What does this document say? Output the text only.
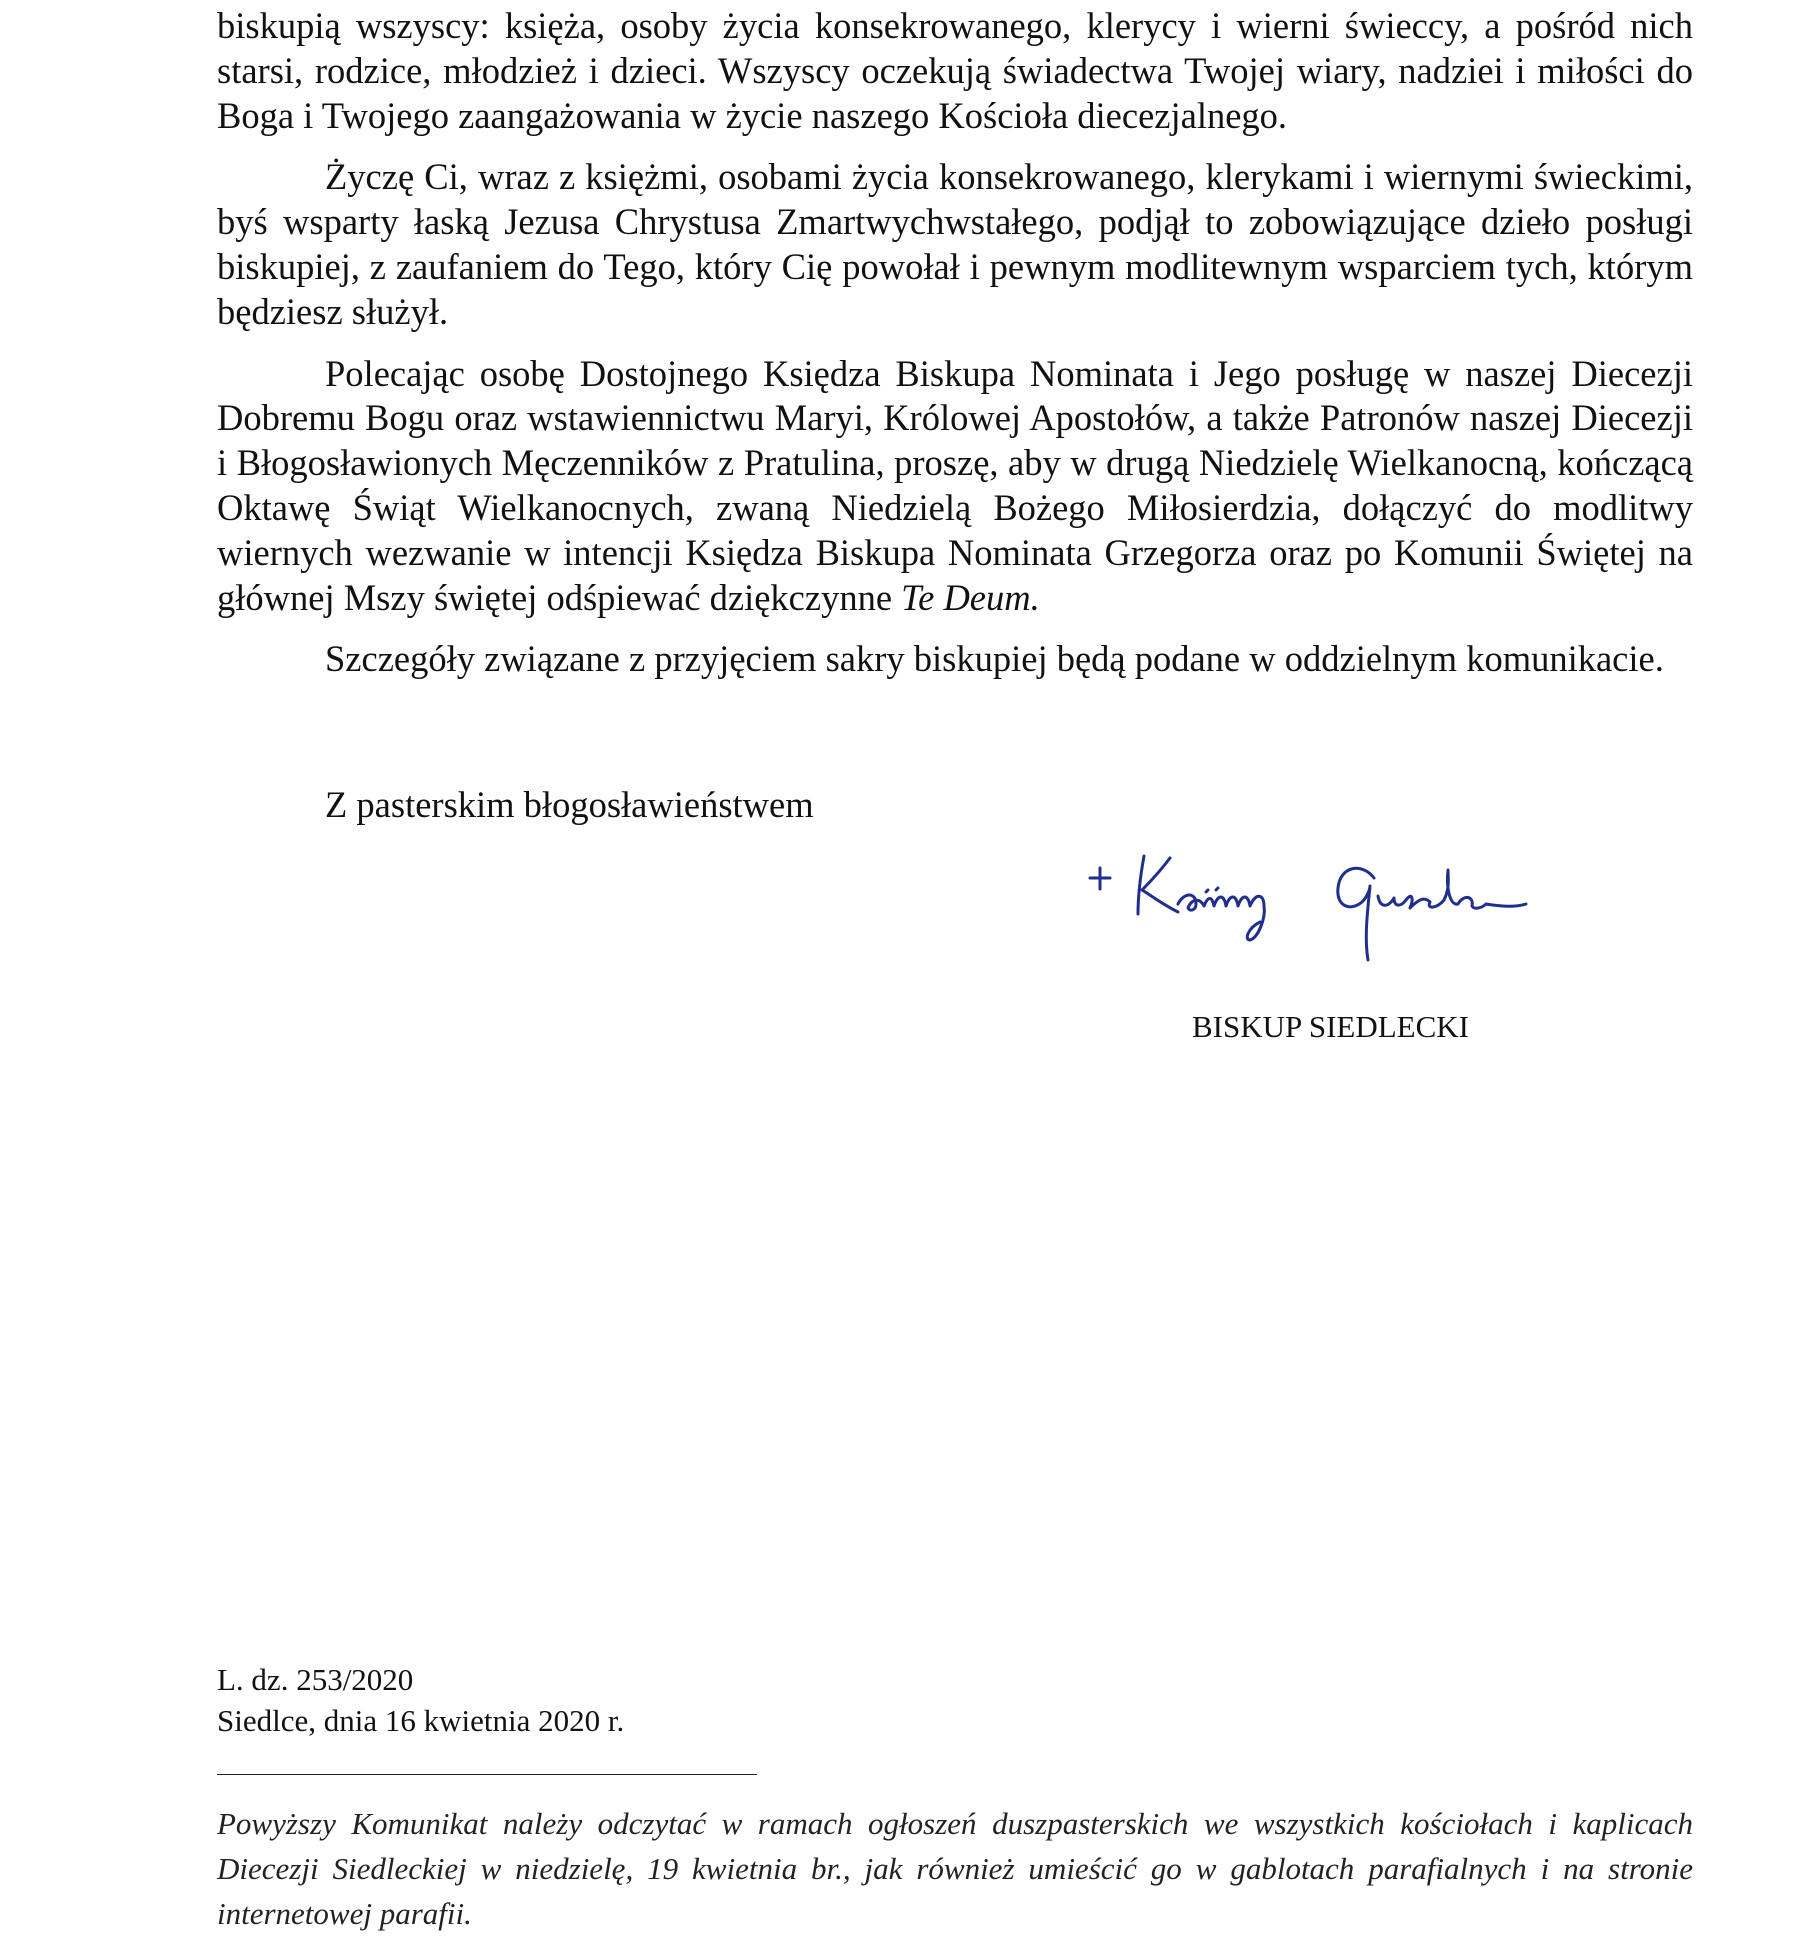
biskupią wszyscy: księża, osoby życia konsekrowanego, klerycy i wierni świeccy, a pośród nich starsi, rodzice, młodzież i dzieci. Wszyscy oczekują świadectwa Twojej wiary, nadziei i miłości do Boga i Twojego zaangażowania w życie naszego Kościoła diecezjalnego.

Życzę Ci, wraz z księżmi, osobami życia konsekrowanego, klerykami i wiernymi świeckimi, byś wsparty łaską Jezusa Chrystusa Zmartwychwstałego, podjął to zobowiązujące dzieło posługi biskupiej, z zaufaniem do Tego, który Cię powołał i pewnym modlitewnym wsparciem tych, którym będziesz służył.

Polecając osobę Dostojnego Księdza Biskupa Nominata i Jego posługę w naszej Diecezji Dobremu Bogu oraz wstawiennictwu Maryi, Królowej Apostołów, a także Patronów naszej Diecezji i Błogosławionych Męczenników z Pratulina, proszę, aby w drugą Niedzielę Wielkanocną, kończącą Oktawę Świąt Wielkanocnych, zwaną Niedzielą Bożego Miłosierdzia, dołączyć do modlitwy wiernych wezwanie w intencji Księdza Biskupa Nominata Grzegorza oraz po Komunii Świętej na głównej Mszy świętej odśpiewać dziękczynne Te Deum.

Szczegóły związane z przyjęciem sakry biskupiej będą podane w oddzielnym komunikacie.

Z pasterskim błogosławieństwem
BISKUP SIEDLECKI
L. dz. 253/2020
Siedlce, dnia 16 kwietnia 2020 r.
Powyższy Komunikat należy odczytać w ramach ogłoszeń duszpasterskich we wszystkich kościołach i kaplicach Diecezji Siedleckiej w niedzielę, 19 kwietnia br., jak również umieścić go w gablotach parafialnych i na stronie internetowej parafii.
